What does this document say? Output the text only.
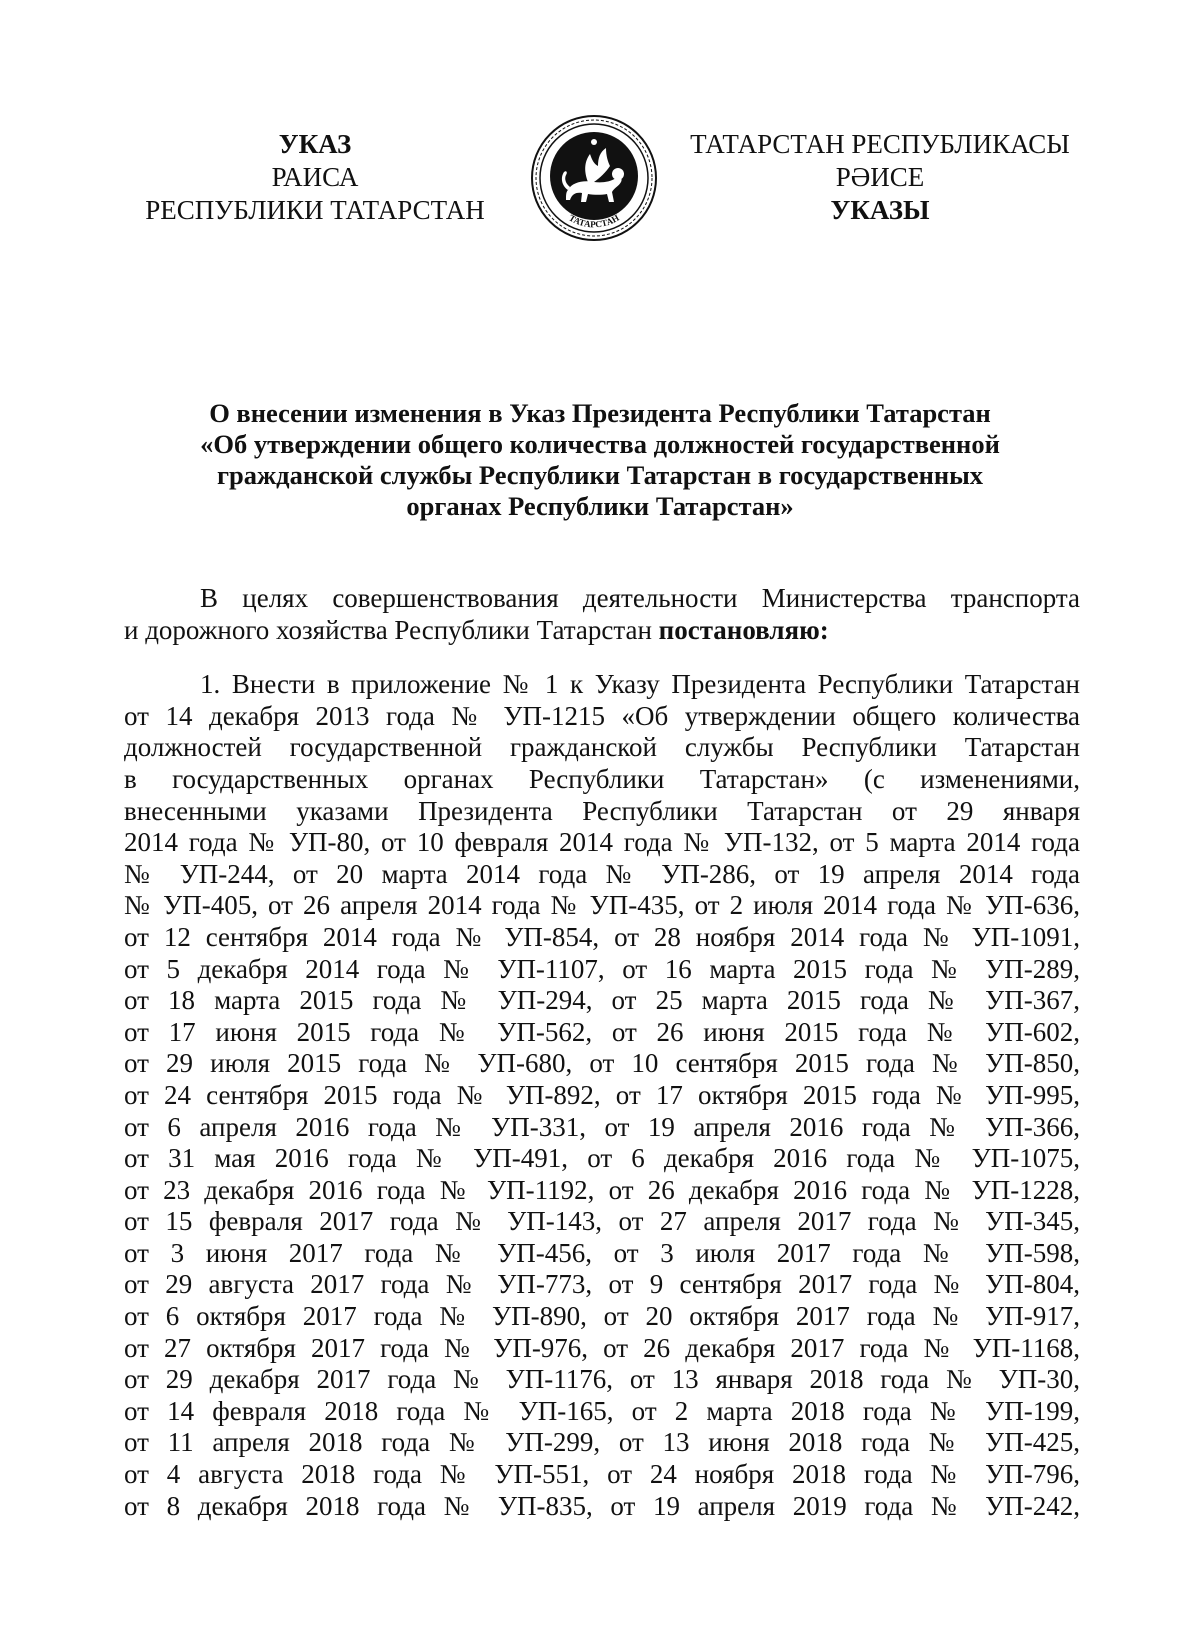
УКАЗ
РАИСА
РЕСПУБЛИКИ ТАТАРСТАН	ТАТАРСТАН
ТАТАРСТАН РЕСПУБЛИКАСЫ
РӘИСЕ
УКАЗЫ
О внесении изменения в Указ Президента Республики Татарстан
«Об утверждении общего количества должностей государственной
гражданской службы Республики Татарстан в государственных
органах Республики Татарстан»
В целях совершенствования деятельности Министерства транспорта
и дорожного хозяйства Республики Татарстан постановляю:
1. Внести в приложение № 1 к Указу Президента Республики Татарстан
от 14 декабря 2013 года № УП-1215 «Об утверждении общего количества
должностей государственной гражданской службы Республики Татарстан
в государственных органах Республики Татарстан» (с изменениями,
внесенными указами Президента Республики Татарстан от 29 января
2014 года № УП-80, от 10 февраля 2014 года № УП-132, от 5 марта 2014 года
№ УП-244, от 20 марта 2014 года № УП-286, от 19 апреля 2014 года
№ УП-405, от 26 апреля 2014 года № УП-435, от 2 июля 2014 года № УП-636,
от 12 сентября 2014 года № УП-854, от 28 ноября 2014 года № УП-1091,
от 5 декабря 2014 года № УП-1107, от 16 марта 2015 года № УП-289,
от 18 марта 2015 года № УП-294, от 25 марта 2015 года № УП-367,
от 17 июня 2015 года № УП-562, от 26 июня 2015 года № УП-602,
от 29 июля 2015 года № УП-680, от 10 сентября 2015 года № УП-850,
от 24 сентября 2015 года № УП-892, от 17 октября 2015 года № УП-995,
от 6 апреля 2016 года № УП-331, от 19 апреля 2016 года № УП-366,
от 31 мая 2016 года № УП-491, от 6 декабря 2016 года № УП-1075,
от 23 декабря 2016 года № УП-1192, от 26 декабря 2016 года № УП-1228,
от 15 февраля 2017 года № УП-143, от 27 апреля 2017 года № УП-345,
от 3 июня 2017 года № УП-456, от 3 июля 2017 года № УП-598,
от 29 августа 2017 года № УП-773, от 9 сентября 2017 года № УП-804,
от 6 октября 2017 года № УП-890, от 20 октября 2017 года № УП-917,
от 27 октября 2017 года № УП-976, от 26 декабря 2017 года № УП-1168,
от 29 декабря 2017 года № УП-1176, от 13 января 2018 года № УП-30,
от 14 февраля 2018 года № УП-165, от 2 марта 2018 года № УП-199,
от 11 апреля 2018 года № УП-299, от 13 июня 2018 года № УП-425,
от 4 августа 2018 года № УП-551, от 24 ноября 2018 года № УП-796,
от 8 декабря 2018 года № УП-835, от 19 апреля 2019 года № УП-242,
